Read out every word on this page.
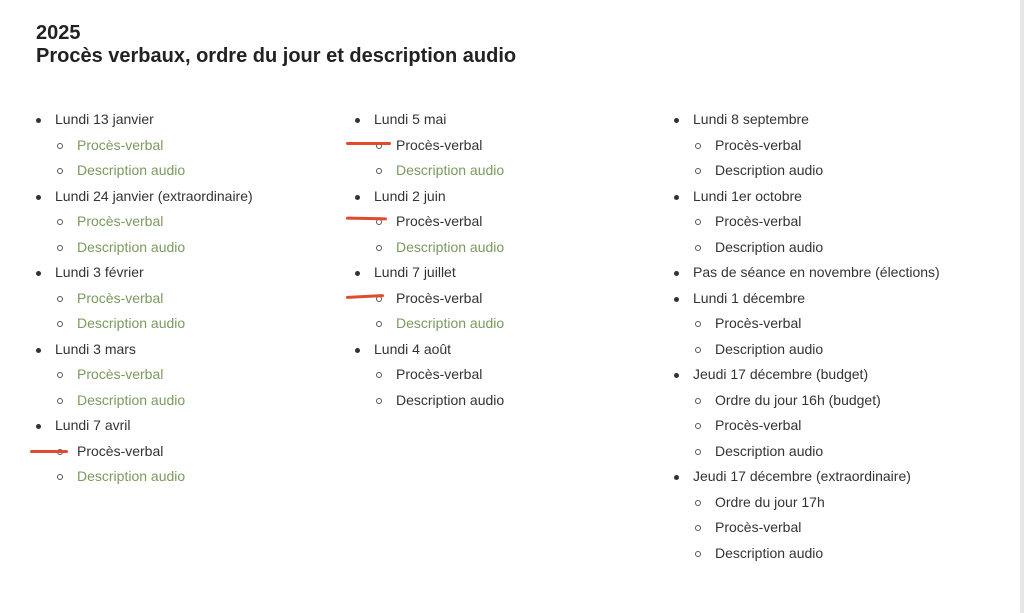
2025
Procès verbaux, ordre du jour et description audio
Lundi 13 janvier
Procès-verbal
Description audio
Lundi 24 janvier (extraordinaire)
Procès-verbal
Description audio
Lundi 3 février
Procès-verbal
Description audio
Lundi 3 mars
Procès-verbal
Description audio
Lundi 7 avril
Procès-verbal
Description audio
Lundi 5 mai
Procès-verbal
Description audio
Lundi 2 juin
Procès-verbal
Description audio
Lundi 7 juillet
Procès-verbal
Description audio
Lundi 4 août
Procès-verbal
Description audio
Lundi 8 septembre
Procès-verbal
Description audio
Lundi 1er octobre
Procès-verbal
Description audio
Pas de séance en novembre (élections)
Lundi 1 décembre
Procès-verbal
Description audio
Jeudi 17 décembre (budget)
Ordre du jour 16h (budget)
Procès-verbal
Description audio
Jeudi 17 décembre (extraordinaire)
Ordre du jour 17h
Procès-verbal
Description audio
